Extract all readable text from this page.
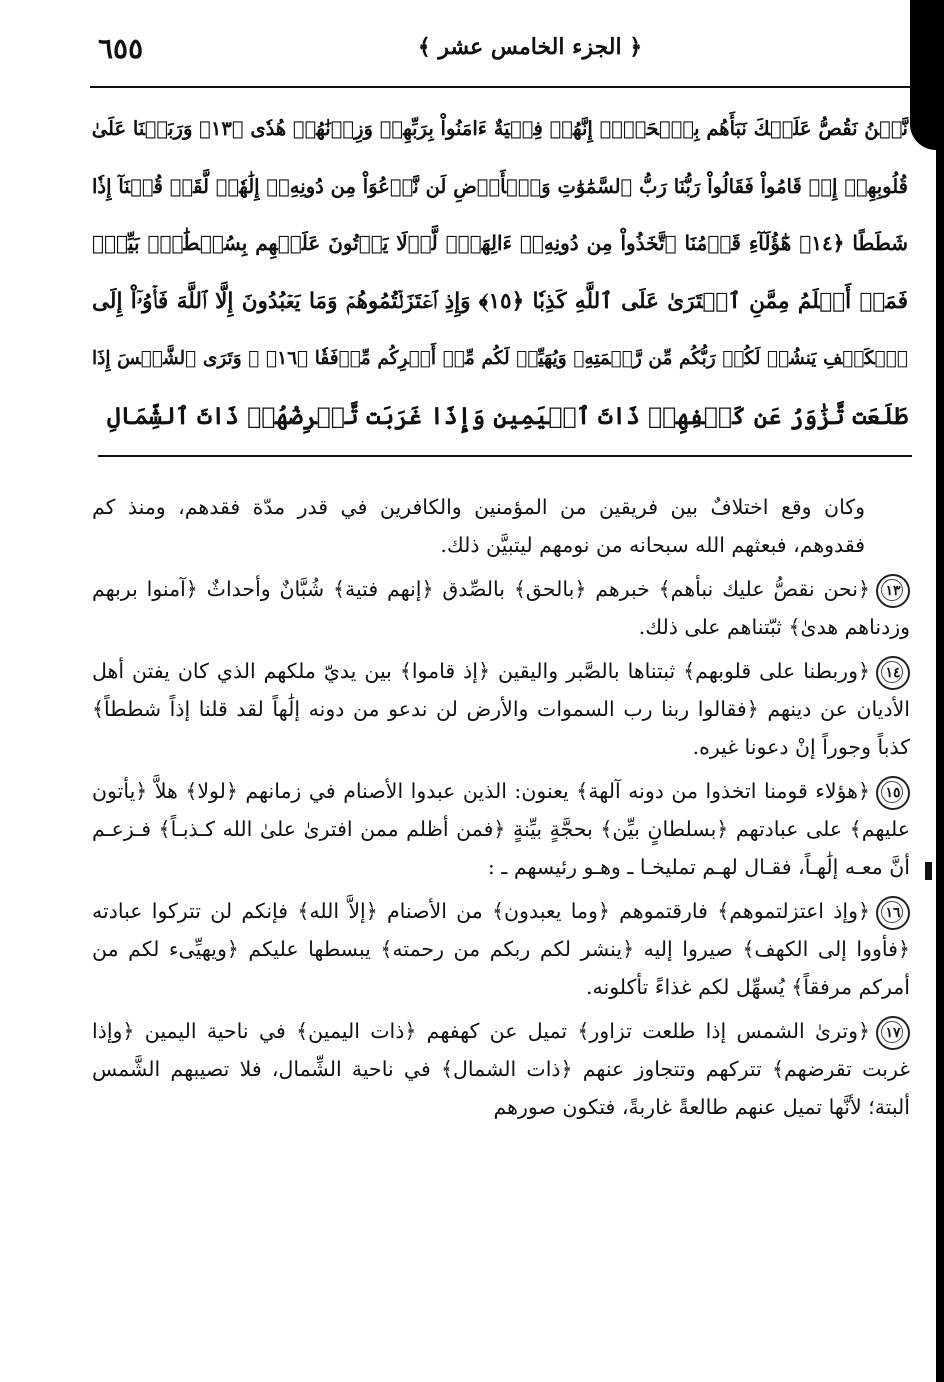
٦٥٥	﴿ الجزء الخامس عشر ﴾
نَّحۡنُ نَقُصُّ عَلَيۡكَ نَبَأَهُم بِٱلۡحَقِّۚ إِنَّهُمۡ فِتۡيَةٌ ءَامَنُواْ بِرَبِّهِمۡ وَزِدۡنَٰهُمۡ هُدٗى ﴿١٣﴾ وَرَبَطۡنَا عَلَىٰ
قُلُوبِهِمۡ إِذۡ قَامُواْ فَقَالُواْ رَبُّنَا رَبُّ ٱلسَّمَٰوَٰتِ وَٱلۡأَرۡضِ لَن نَّدۡعُوَاْ مِن دُونِهِۦٓ إِلَٰهٗاۖ لَّقَدۡ قُلۡنَآ إِذٗا
شَطَطًا ﴿١٤﴾ هَٰٓؤُلَآءِ قَوۡمُنَا ٱتَّخَذُواْ مِن دُونِهِۦٓ ءَالِهَةٗۖ لَّوۡلَا يَأۡتُونَ عَلَيۡهِم بِسُلۡطَٰنِۢ بَيِّنٖۖ
فَمَنۡ أَظۡلَمُ مِمَّنِ ٱفۡتَرَىٰ عَلَى ٱللَّهِ كَذِبٗا ﴿١٥﴾ وَإِذِ ٱعۡتَزَلۡتُمُوهُمۡ وَمَا يَعۡبُدُونَ إِلَّا ٱللَّهَ فَأۡوُۥٓاْ إِلَى
ٱلۡكَهۡفِ يَنشُرۡ لَكُمۡ رَبُّكُم مِّن رَّحۡمَتِهِۦ وَيُهَيِّئۡ لَكُم مِّنۡ أَمۡرِكُم مِّرۡفَقٗا ﴿١٦﴾ ۞ وَتَرَى ٱلشَّمۡسَ إِذَا
طَلَعَت تَّزَٰوَرُ عَن كَهۡفِهِمۡ ذَاتَ ٱلۡيَمِينِ وَإِذَا غَرَبَت تَّقۡرِضُهُمۡ ذَاتَ ٱلشِّمَالِ

وكان وقع اختلافٌ بين فريقين من المؤمنين والكافرين في قدر مدّة فقدهم، ومنذ كم فقدوهم، فبعثهم الله سبحانه من نومهم ليتبيَّن ذلك.

١٣﴿نحن نقصُّ عليك نبأهم﴾ خبرهم ﴿بالحق﴾ بالصِّدق ﴿إنهم فتية﴾ شُبَّانٌ وأحداثٌ ﴿آمنوا بربهم وزدناهم هدىٰ﴾ ثبّتناهم على ذلك.

١٤﴿وربطنا على قلوبهم﴾ ثبتناها بالصَّبر واليقين ﴿إذ قاموا﴾ بين يديّ ملكهم الذي كان يفتن أهل الأديان عن دينهم ﴿فقالوا ربنا رب السموات والأرض لن ندعو من دونه إلَٰهاً لقد قلنا إذاً شططاً﴾ كذباً وجوراً إنْ دعونا غيره.

١٥﴿هؤلاء قومنا اتخذوا من دونه آلهة﴾ يعنون: الذين عبدوا الأصنام في زمانهم ﴿لولا﴾ هلاَّ ﴿يأتون عليهم﴾ على عبادتهم ﴿بسلطانٍ بيِّن﴾ بحجَّةٍ بيِّنةٍ ﴿فمن أظلم ممن افترىٰ علىٰ الله كـذبـاً﴾ فـزعـم أنَّ معـه إلَٰهـاً، فقـال لهـم تمليخـا ـ وهـو رئيسهم ـ :

١٦﴿وإذ اعتزلتموهم﴾ فارقتموهم ﴿وما يعبدون﴾ من الأصنام ﴿إلاَّ الله﴾ فإنكم لن تتركوا عبادته ﴿فأووا إلى الكهف﴾ صيروا إليه ﴿ينشر لكم ربكم من رحمته﴾ يبسطها عليكم ﴿ويهيِّىء لكم من أمركم مرفقاً﴾ يُسهِّل لكم غذاءً تأكلونه.

١٧﴿وترىٰ الشمس إذا طلعت تزاور﴾ تميل عن كهفهم ﴿ذات اليمين﴾ في ناحية اليمين ﴿وإذا غربت تقرضهم﴾ تتركهم وتتجاوز عنهم ﴿ذات الشمال﴾ في ناحية الشِّمال، فلا تصيبهم الشَّمس ألبتة؛ لأنَّها تميل عنهم طالعةً غاربةً، فتكون صورهم
